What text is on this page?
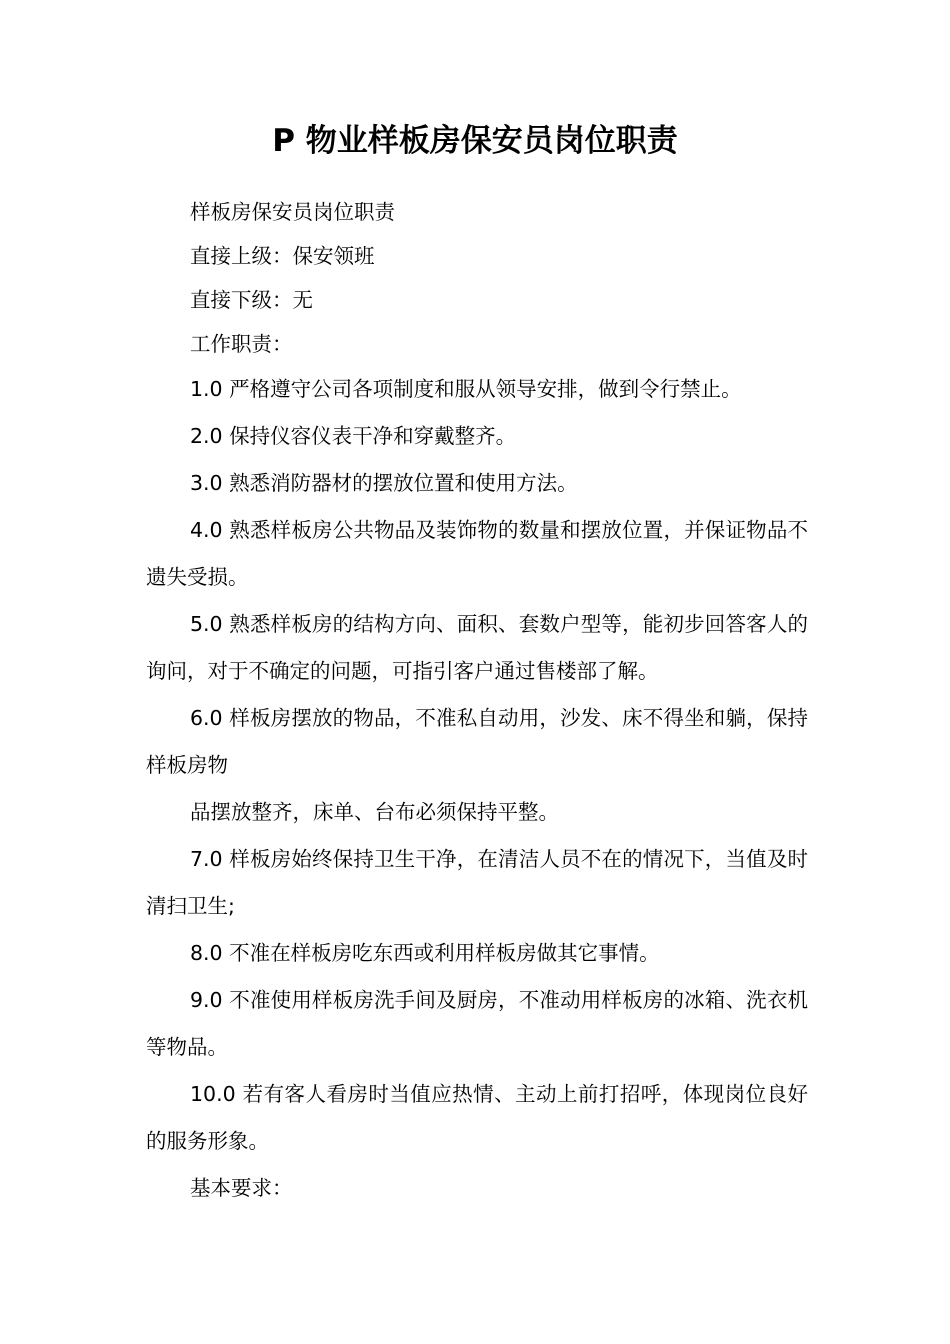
P 物业样板房保安员岗位职责

样板房保安员岗位职责

直接上级：保安领班

直接下级：无

工作职责：

1.0 严格遵守公司各项制度和服从领导安排，做到令行禁止。

2.0 保持仪容仪表干净和穿戴整齐。

3.0 熟悉消防器材的摆放位置和使用方法。

4.0 熟悉样板房公共物品及装饰物的数量和摆放位置，并保证物品不遗失受损。

5.0 熟悉样板房的结构方向、面积、套数户型等，能初步回答客人的询问，对于不确定的问题，可指引客户通过售楼部了解。

6.0 样板房摆放的物品，不准私自动用，沙发、床不得坐和躺，保持样板房物

品摆放整齐，床单、台布必须保持平整。

7.0 样板房始终保持卫生干净，在清洁人员不在的情况下，当值及时清扫卫生;

8.0 不准在样板房吃东西或利用样板房做其它事情。

9.0 不准使用样板房洗手间及厨房，不准动用样板房的冰箱、洗衣机等物品。

10.0 若有客人看房时当值应热情、主动上前打招呼，体现岗位良好的服务形象。

基本要求：
